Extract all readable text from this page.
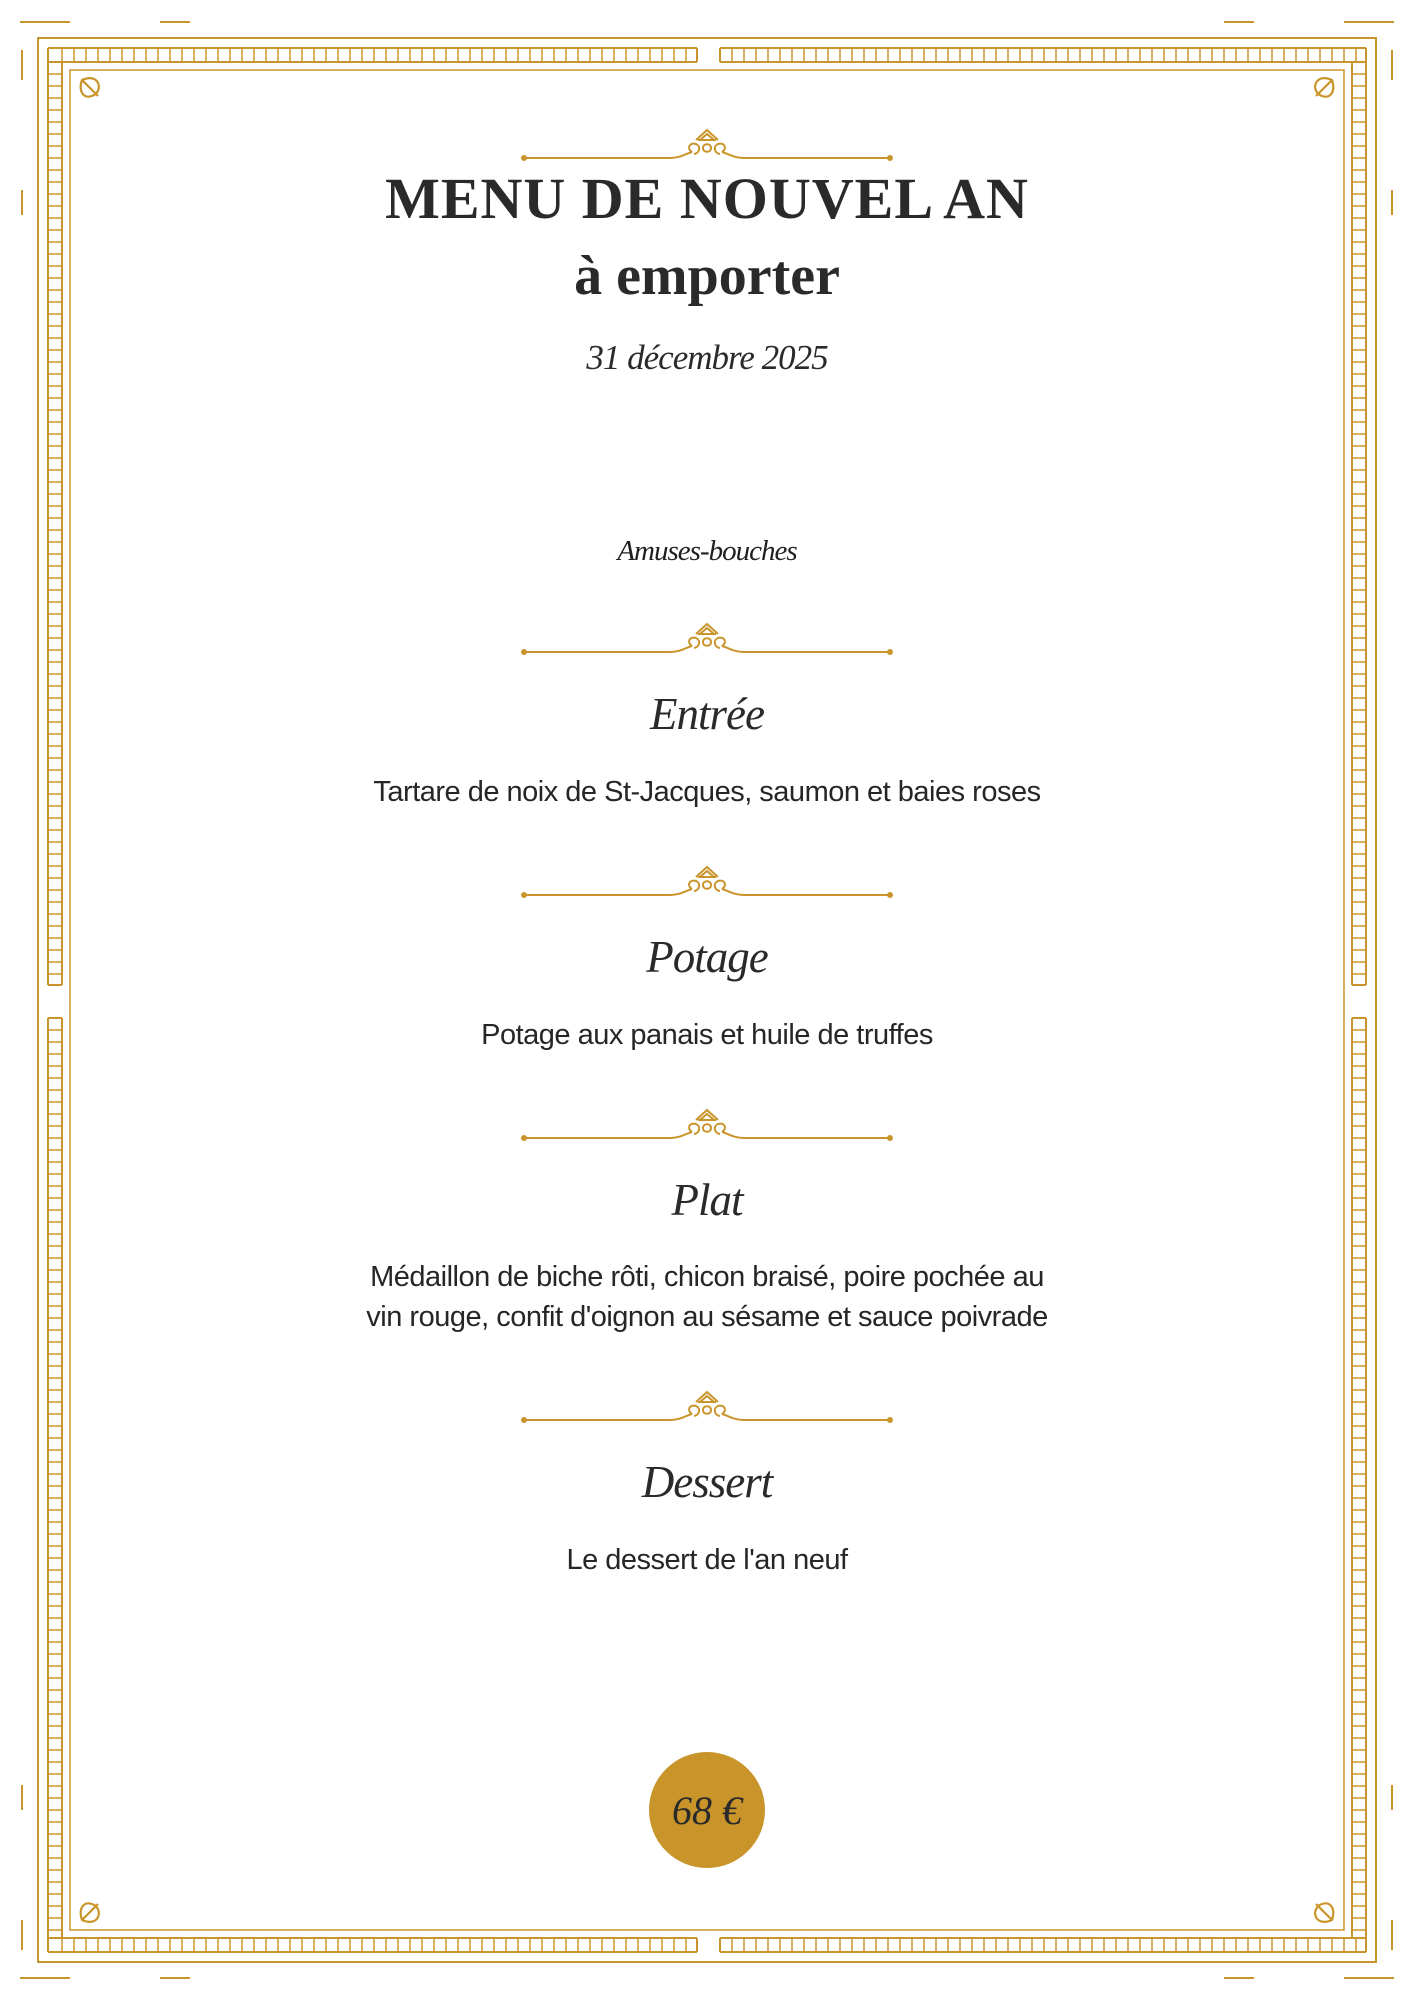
MENU DE NOUVEL AN
à emporter
31 décembre 2025
Amuses-bouches
Entrée
Tartare de noix de St-Jacques, saumon et baies roses
Potage
Potage aux panais et huile de truffes
Plat
Médaillon de biche rôti, chicon braisé, poire pochée au
vin rouge, confit d'oignon au sésame et sauce poivrade
Dessert
Le dessert de l'an neuf
68 €
